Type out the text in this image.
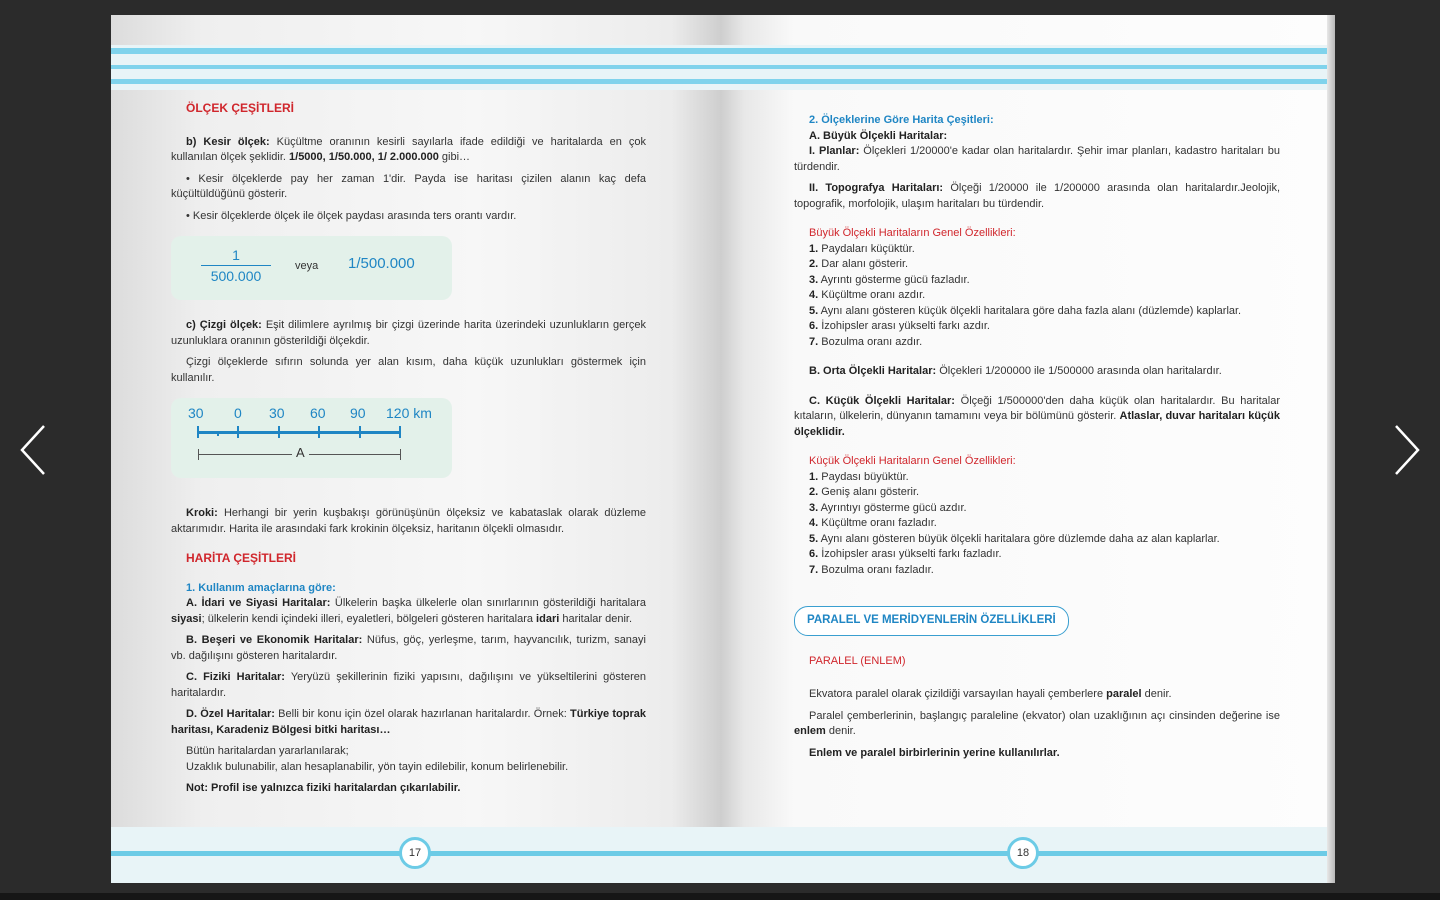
ÖLÇEK ÇEŞİTLERİ

b) Kesir ölçek: Küçültme oranının kesirli sayılarla ifade edildiği ve haritalarda en çok kullanılan ölçek şeklidir. 1/5000, 1/50.000, 1/ 2.000.000 gibi…

• Kesir ölçeklerde pay her zaman 1'dir. Payda ise haritası çizilen alanın kaç defa küçültüldüğünü gösterir.

• Kesir ölçeklerde ölçek ile ölçek paydası arasında ters orantı vardır.

1
500.000
veya 1/500.000

c) Çizgi ölçek: Eşit dilimlere ayrılmış bir çizgi üzerinde harita üzerindeki uzunlukların gerçek uzunluklara oranının gösterildiği ölçekdir.

Çizgi ölçeklerde sıfırın solunda yer alan kısım, daha küçük uzunlukları göstermek için kullanılır.

30 0 30 60 90 120 km
A

Kroki: Herhangi bir yerin kuşbakışı görünüşünün ölçeksiz ve kabataslak olarak düzleme aktarımıdır. Harita ile arasındaki fark krokinin ölçeksiz, haritanın ölçekli olmasıdır.

HARİTA ÇEŞİTLERİ
1. Kullanım amaçlarına göre:

A. İdari ve Siyasi Haritalar: Ülkelerin başka ülkelerle olan sınırlarının gösterildiği haritalara siyasi; ülkelerin kendi içindeki illeri, eyaletleri, bölgeleri gösteren haritalara idari haritalar denir.

B. Beşeri ve Ekonomik Haritalar: Nüfus, göç, yerleşme, tarım, hayvancılık, turizm, sanayi vb. dağılışını gösteren haritalardır.

C. Fiziki Haritalar: Yeryüzü şekillerinin fiziki yapısını, dağılışını ve yükseltilerini gösteren haritalardır.

D. Özel Haritalar: Belli bir konu için özel olarak hazırlanan haritalardır. Örnek: Türkiye toprak haritası, Karadeniz Bölgesi bitki haritası…

Bütün haritalardan yararlanılarak;

Uzaklık bulunabilir, alan hesaplanabilir, yön tayin edilebilir, konum belirlenebilir.

Not: Profil ise yalnızca fiziki haritalardan çıkarılabilir.

17
2. Ölçeklerine Göre Harita Çeşitleri:

A. Büyük Ölçekli Haritalar:

I. Planlar: Ölçekleri 1/20000'e kadar olan haritalardır. Şehir imar planları, kadastro haritaları bu türdendir.

II. Topografya Haritaları: Ölçeği 1/20000 ile 1/200000 arasında olan haritalardır.Jeolojik, topografik, morfolojik, ulaşım haritaları bu türdendir.

Büyük Ölçekli Haritaların Genel Özellikleri:

1. Paydaları küçüktür.

2. Dar alanı gösterir.

3. Ayrıntı gösterme gücü fazladır.

4. Küçültme oranı azdır.

5. Aynı alanı gösteren küçük ölçekli haritalara göre daha fazla alanı (düzlemde) kaplarlar.

6. İzohipsler arası yükselti farkı azdır.

7. Bozulma oranı azdır.

B. Orta Ölçekli Haritalar: Ölçekleri 1/200000 ile 1/500000 arasında olan haritalardır.

C. Küçük Ölçekli Haritalar: Ölçeği 1/500000'den daha küçük olan haritalardır. Bu haritalar kıtaların, ülkelerin, dünyanın tamamını veya bir bölümünü gösterir. Atlaslar, duvar haritaları küçük ölçeklidir.

Küçük Ölçekli Haritaların Genel Özellikleri:

1. Paydası büyüktür.

2. Geniş alanı gösterir.

3. Ayrıntıyı gösterme gücü azdır.

4. Küçültme oranı fazladır.

5. Aynı alanı gösteren büyük ölçekli haritalara göre düzlemde daha az alan kaplarlar.

6. İzohipsler arası yükselti farkı fazladır.

7. Bozulma oranı fazladır.

PARALEL VE MERİDYENLERİN ÖZELLİKLERİ
PARALEL (ENLEM)

Ekvatora paralel olarak çizildiği varsayılan hayali çemberlere paralel denir.

Paralel çemberlerinin, başlangıç paraleline (ekvator) olan uzaklığının açı cinsinden değerine ise enlem denir.

Enlem ve paralel birbirlerinin yerine kullanılırlar.

18
